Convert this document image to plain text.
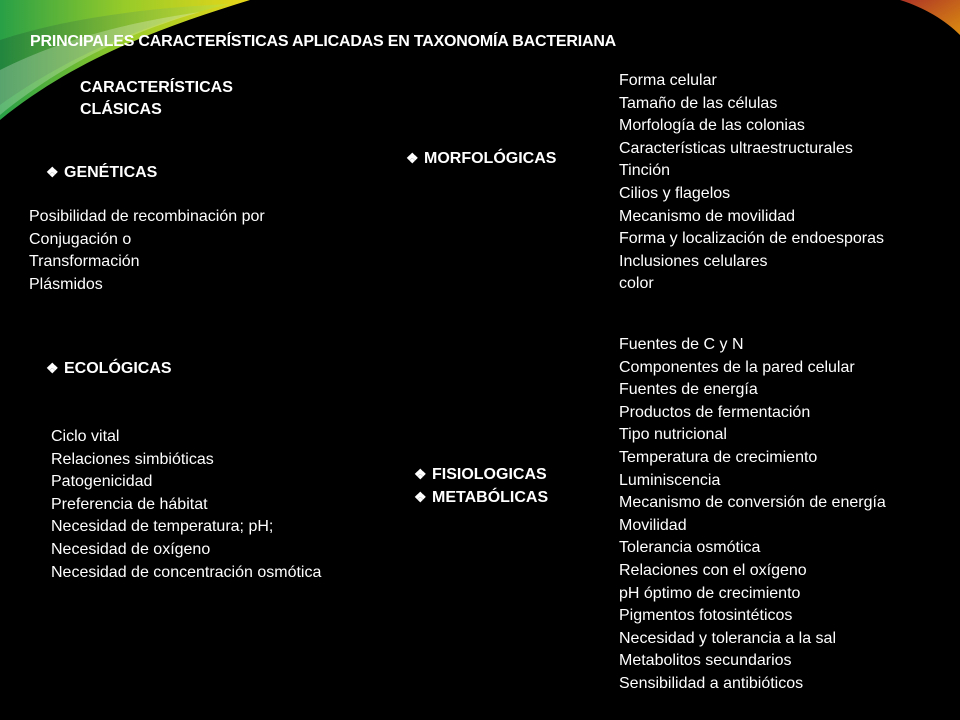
PRINCIPALES CARACTERÍSTICAS APLICADAS EN TAXONOMÍA BACTERIANA
CARACTERÍSTICAS
CLÁSICAS
❖ GENÉTICAS
Posibilidad de recombinación por
Conjugación o
Transformación
Plásmidos
❖ MORFOLÓGICAS
Forma celular
Tamaño de las células
Morfología de las colonias
Características ultraestructurales
Tinción
Cilios y flagelos
Mecanismo de movilidad
Forma y localización de endoesporas
Inclusiones celulares
color
❖ ECOLÓGICAS
Ciclo vital
Relaciones simbióticas
Patogenicidad
Preferencia de hábitat
Necesidad de temperatura; pH;
Necesidad de oxígeno
Necesidad de concentración osmótica
❖ FISIOLOGICAS
❖ METABÓLICAS
Fuentes de C y N
Componentes de la pared celular
Fuentes de energía
Productos de fermentación
Tipo nutricional
Temperatura de crecimiento
Luminiscencia
Mecanismo de conversión de energía
Movilidad
Tolerancia osmótica
Relaciones con el oxígeno
pH óptimo de crecimiento
Pigmentos fotosintéticos
Necesidad y tolerancia a la sal
Metabolitos secundarios
Sensibilidad a antibióticos
